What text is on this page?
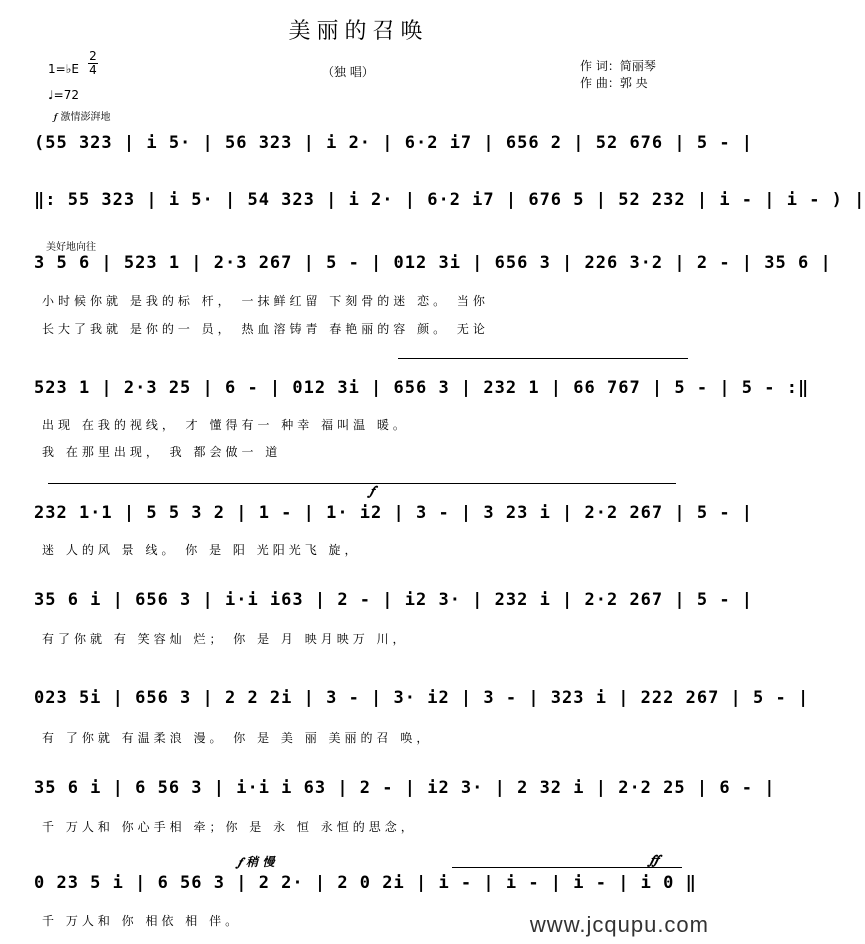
美丽的召唤
1=♭E
2
4
♩=72
（独 唱）	作 词：简丽琴
作 曲：郭 央
𝆑 激情澎湃地
(55 323 | i 5· | 56 323 | i 2· | 6·2 i7 | 656 2 | 52 676 | 5 - |
‖: 55 323 | i 5· | 54 323 | i 2· | 6·2 i7 | 676 5 | 52 232 | i - | i - ) |
美好地向往
3 5 6 | 523 1 | 2·3 267 | 5 - | 012 3i | 656 3 | 226 3·2 | 2 - | 35 6 |
小时候你就 是我的标 杆， 一抹鲜红留 下刻骨的迷 恋。 当你
长大了我就 是你的一 员， 热血溶铸青 春艳丽的容 颜。 无论
523 1 | 2·3 25 | 6 - | 012 3i | 656 3 | 232 1 | 66 767 | 5 - | 5 - :‖
出现 在我的视线， 才 懂得有一 种幸 福叫温 暖。
我 在那里出现， 我 都会做一 道
𝆑
232 1·1 | 5 5 3 2 | 1 - | 1· i2 | 3 - | 3 23 i | 2·2 267 | 5 - |
迷 人的风 景 线。 你 是 阳 光阳光飞 旋，
35 6 i | 656 3 | i·i i63 | 2 - | i2 3· | 232 i | 2·2 267 | 5 - |
有了你就 有 笑容灿 烂； 你 是 月 映月映万 川，
023 5i | 656 3 | 2 2 2i | 3 - | 3· i2 | 3 - | 323 i | 222 267 | 5 - |
有 了你就 有温柔浪 漫。 你 是 美 丽 美丽的召 唤，
35 6 i | 6 56 3 | i·i i 63 | 2 - | i2 3· | 2 32 i | 2·2 25 | 6 - |
千 万人和 你心手相 牵；你 是 永 恒 永恒的思念，
𝆑 稍 慢	𝆑𝆑
0 23 5 i | 6 56 3 | 2 2· | 2 0 2i | i - | i - | i - | i 0 ‖
千 万人和 你 相依 相 伴。	www.jcqupu.com
